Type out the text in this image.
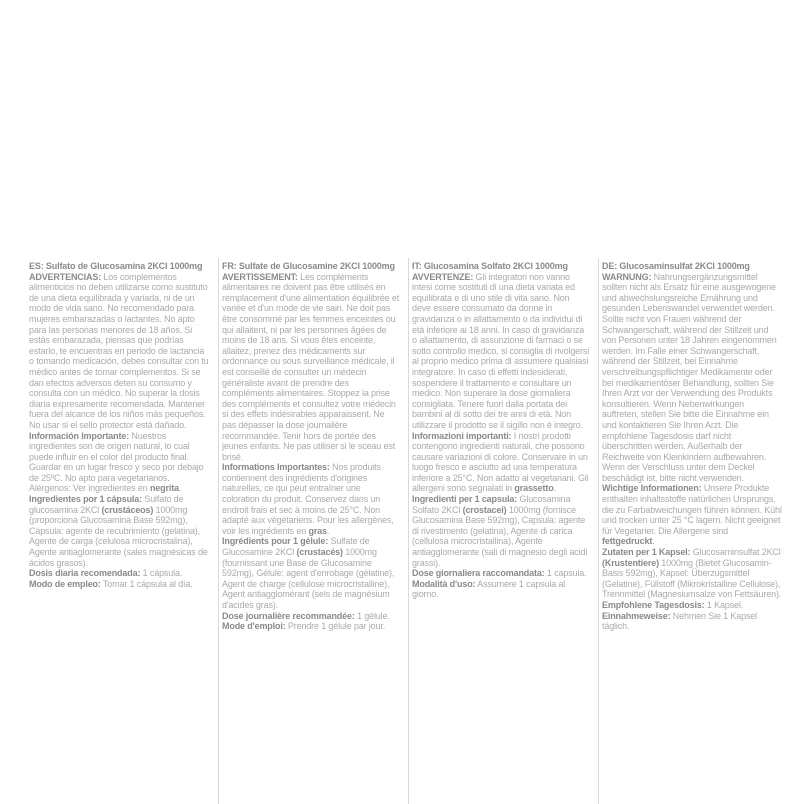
ES: Sulfato de Glucosamina 2KCl 1000mg

ADVERTENCIAS: Los complementos alimenticios no deben utilizarse como sustituto de una dieta equilibrada y variada, ni de un modo de vida sano. No recomendado para mujeres embarazadas o lactantes. No apto para las personas menores de 18 años. Si estás embarazada, piensas que podrías estarlo, te encuentras en periodo de lactancia o tomando medicación, debes consultar con tu médico antes de tomar complementos. Si se dan efectos adversos deten su consumo y consulta con un médico. No superar la dosis diaria expresamente recomendada. Mantener fuera del alcance de los niños más pequeños. No usar si el sello protector está dañado.

Información Importante: Nuestros ingredientes son de origen natural, lo cual puede influir en el color del producto final. Guardar en un lugar fresco y seco por debajo de 25ºC. No apto para vegetarianos. Alérgenos: Ver ingredientes en negrita.

Ingredientes por 1 cápsula: Sulfato de glucosamina 2KCl (crustáceos) 1000mg (proporciona Glucosamina Base 592mg), Cápsula: agente de recubrimiento (gelatina), Agente de carga (celulosa microcristalina), Agente antiaglomerante (sales magnésicas de ácidos grasos).

Dosis diaria recomendada: 1 cápsula.

Modo de empleo: Tomar 1 cápsula al día.

FR: Sulfate de Glucosamine 2KCl 1000mg

AVERTISSEMENT: Les compléments alimentaires ne doivent pas être utilisés en remplacement d'une alimentation équilibrée et variée et d'un mode de vie sain. Ne doit pas être consommé par les femmes enceintes ou qui allaitent, ni par les personnes âgées de moins de 18 ans. Si vous êtes enceinte, allaitez, prenez des médicaments sur ordonnance ou sous surveillance médicale, il est conseillé de consulter un médecin généraliste avant de prendre des compléments alimentaires. Stoppez la prise des compléments et consultez votre médecin si des effets indésirables apparaissent. Ne pas dépasser la dose journalière recommandée. Tenir hors de portée des jeunes enfants. Ne pas utiliser si le sceau est brisé.

Informations Importantes: Nos produits contiennent des ingrédients d'origines naturelles, ce qui peut entraîner une coloration du produit. Conservez dans un endroit frais et sec à moins de 25°C. Non adapté aux végétariens. Pour les allergènes, voir les ingrédients en gras.

Ingrédients pour 1 gélule: Sulfate de Glucosamine 2KCl (crustacés) 1000mg (fournissant une Base de Glucosamine 592mg), Gélule: agent d'enrobage (gélatine), Agent de charge (cellulose microcristalline), Agent antiagglomérant (sels de magnésium d'acides gras).

Dose journalière recommandée: 1 gélule.

Mode d'emploi: Prendre 1 gélule par jour.

IT: Glucosamina Solfato 2KCl 1000mg

AVVERTENZE: Gli integratori non vanno intesi come sostituti di una dieta variata ed equilibrata e di uno stile di vita sano. Non deve essere consumato da donne in gravidanza o in allattamento o da individui di età inferiore ai 18 anni. In caso di gravidanza o allattamento, di assunzione di farmaci o se sotto controllo medico, si consiglia di rivolgersi al proprio medico prima di assumere qualsiasi integratore. In caso di effetti indesiderati, sospendere il trattamento e consultare un medico. Non superare la dose giornaliera consigliata. Tenere fuori dalla portata dei bambini al di sotto dei tre anni di età. Non utilizzare il prodotto se il sigillo non è integro.

Informazioni importanti: I nostri prodotti contengono ingredienti naturali, che possono causare variazioni di colore. Conservare in un luogo fresco e asciutto ad una temperatura inferiore a 25°C. Non adatto ai vegetariani. Gli allergeni sono segnalati in grassetto.

Ingredienti per 1 capsula: Glucosamina Solfato 2KCl (crostacei) 1000mg (fornisce Glucosamina Base 592mg), Capsula: agente di rivestimento (gelatina), Agente di carica (cellulosa microcristallina), Agente antiagglomerante (sali di magnesio degli acidi grassi).

Dose giornaliera raccomandata: 1 capsula.

Modalità d'uso: Assumere 1 capsula al giorno.

DE: Glucosaminsulfat 2KCl 1000mg

WARNUNG: Nahrungsergänzungsmittel sollten nicht als Ersatz für eine ausgewogene und abwechslungsreiche Ernährung und gesunden Lebenswandel verwendet werden. Sollte nicht von Frauen während der Schwangerschaft, während der Stillzeit und von Personen unter 18 Jahren eingenommen werden. Im Falle einer Schwangerschaft, während der Stillzeit, bei Einnahme verschreibungspflichtiger Medikamente oder bei medikamentöser Behandlung, sollten Sie Ihren Arzt vor der Verwendung des Produkts konsultieren. Wenn Nebenwirkungen auftreten, stellen Sie bitte die Einnahme ein und kontaktieren Sie Ihren Arzt. Die empfohlene Tagesdosis darf nicht überschritten werden. Außerhalb der Reichweite von Kleinkindern aufbewahren. Wenn der Verschluss unter dem Deckel beschädigt ist, bitte nicht verwenden.

Wichtige Informationen: Unsere Produkte enthalten inhaltsstoffe natürlichen Ursprungs, die zu Farbabweichungen führen können. Kühl und trocken unter 25 °C lagern. Nicht geeignet für Vegetarier. Die Allergene sind fettgedruckt.

Zutaten per 1 Kapsel: Glucosaminsulfat 2KCl (Krustentiere) 1000mg (Bietet Glucosamin-Basis 592mg), Kapsel: Überzugsmittel (Gelatine), Füllstoff (Mikrokristalline Cellulose), Trennmittel (Magnesiumsalze von Fettsäuren).

Empfohlene Tagesdosis: 1 Kapsel.

Einnahmeweise: Nehmen Sie 1 Kapsel täglich.
